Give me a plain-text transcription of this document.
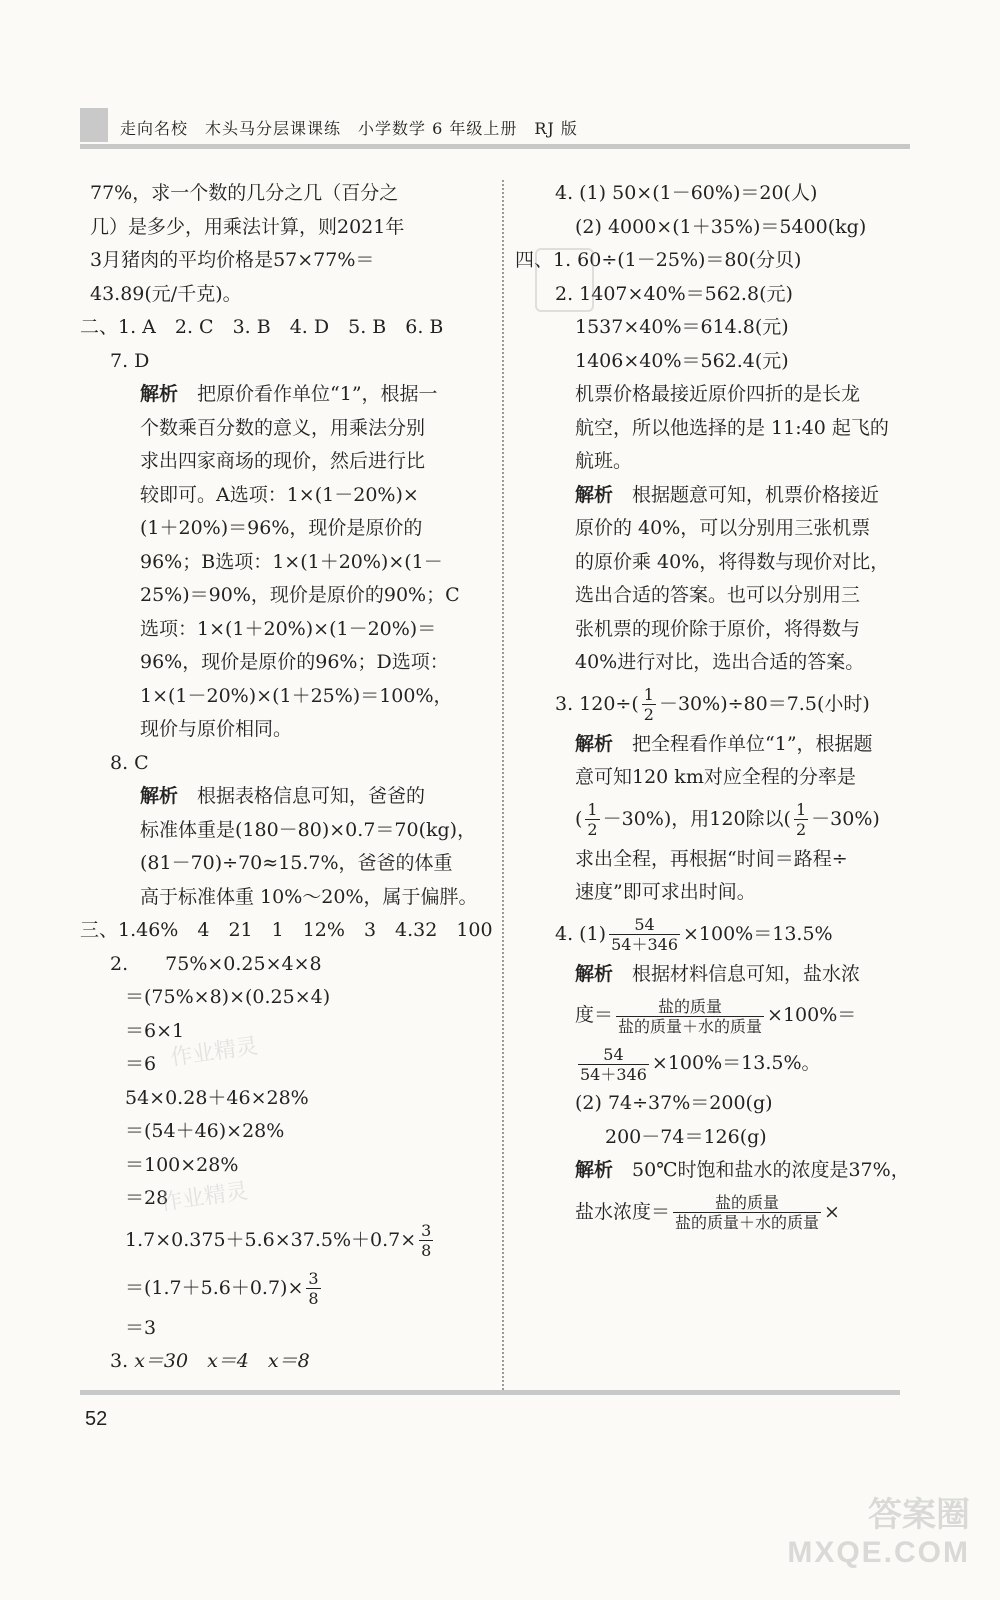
走向名校　木头马分层课课练　小学数学 6 年级上册　RJ 版
77%，求一个数的几分之几（百分之
几）是多少，用乘法计算，则2021年
3月猪肉的平均价格是57×77%＝
43.89(元/千克)。
二、1. A　2. C　3. B　4. D　5. B　6. B
7. D
解析　 把原价看作单位“1”，根据一
个数乘百分数的意义，用乘法分别
求出四家商场的现价，然后进行比
较即可。A选项：1×(1－20%)×
(1＋20%)＝96%，现价是原价的
96%；B选项：1×(1＋20%)×(1－
25%)＝90%，现价是原价的90%；C
选项：1×(1＋20%)×(1－20%)＝
96%，现价是原价的96%；D选项：
1×(1－20%)×(1＋25%)＝100%，
现价与原价相同。
8. C
解析　 根据表格信息可知，爸爸的
标准体重是(180－80)×0.7＝70(kg)，
(81－70)÷70≈15.7%，爸爸的体重
高于标准体重 10%～20%，属于偏胖。
三、1.46%　4　21　1　12%　3　4.32　100
2.　 75%×0.25×4×8
＝(75%×8)×(0.25×4)
＝6×1
＝6
54×0.28＋46×28%
＝(54＋46)×28%
＝100×28%
＝28
$1.7\times 0.375+5.6\times 37.5\%+0.7\times \frac{3}{8}$
$=(1.7+5.6+0.7)\times \frac{3}{8}$
＝3
3. x＝30　x＝4　x＝8
4. (1) 50×(1－60%)＝20(人)
(2) 4000×(1＋35%)＝5400(kg)
四、1. 60÷(1－25%)＝80(分贝)
2. 1407×40%＝562.8(元)
1537×40%＝614.8(元)
1406×40%＝562.4(元)
机票价格最接近原价四折的是长龙
航空，所以他选择的是 11:40 起飞的
航班。
解析　 根据题意可知，机票价格接近
原价的 40%，可以分别用三张机票
的原价乘 40%，将得数与现价对比，
选出合适的答案。也可以分别用三
张机票的现价除于原价，将得数与
40%进行对比，选出合适的答案。
3. $120\div( \frac{1}{2} -30\%)\div 80=7.5$(小时)
解析　 把全程看作单位“1”，根据题
意可知120 km对应全程的分率是
( $\frac{1}{2} -30\%$)，用120除以( $\frac{1}{2} -30\%$)
求出全程，再根据“时间＝路程÷
速度”即可求出时间。
4. $(1) \frac{54}{54+346} \times 100\%=13.5\%$
解析　 根据材料信息可知，盐水浓
度＝ $\frac{\text{盐的质量}}{\text{盐的质量＋水的质量}} \times 100\%=$
$\frac{54}{54+346} \times 100\%=13.5\%$。
(2) 74÷37%＝200(g)
200－74＝126(g)
解析　 50℃时饱和盐水的浓度是37%，
盐水浓度＝ $\frac{\text{盐的质量}}{\text{盐的质量＋水的质量}}$ ×
作业精灵
作业精灵
52
答案圈
MXQE.COM
